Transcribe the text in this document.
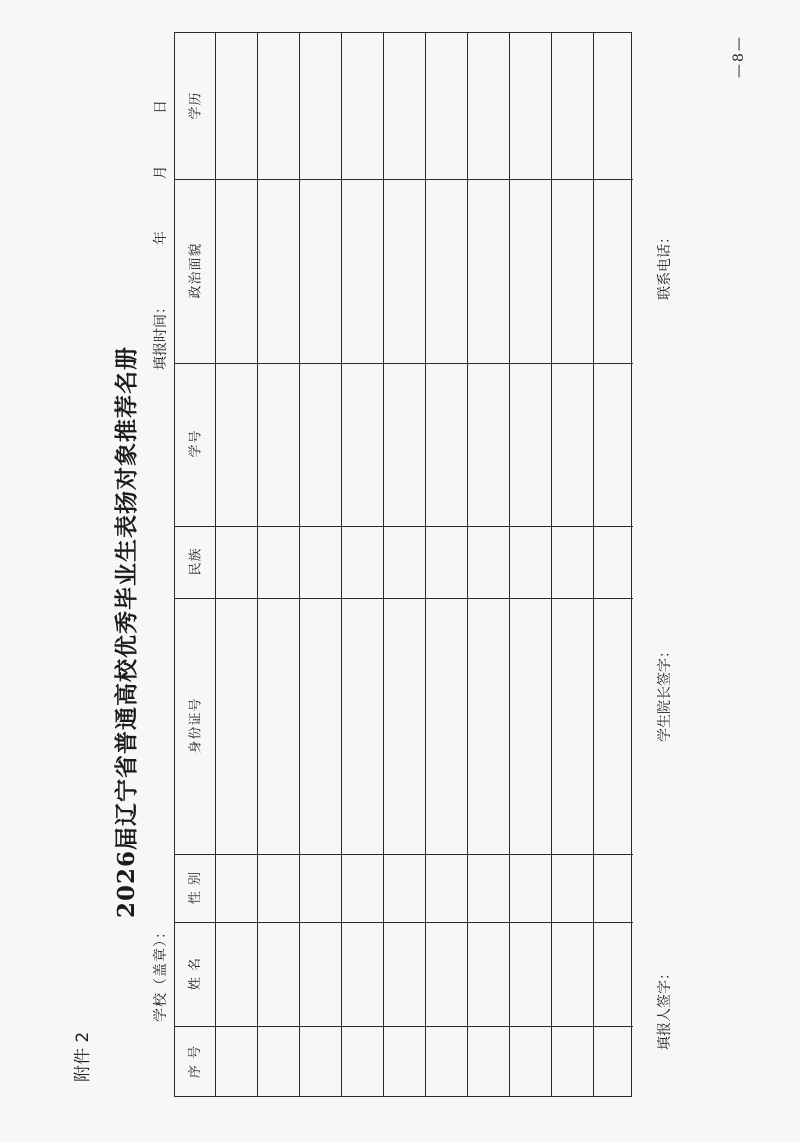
附件 2
2026届辽宁省普通高校优秀毕业生表扬对象推荐名册
学校（盖章）：
填报时间：
年
月
日
序 号
姓 名
性 别
身份证号
民族
学号
政治面貌
学历
填报人签字：
学生院长签字：
联系电话：
—8—
